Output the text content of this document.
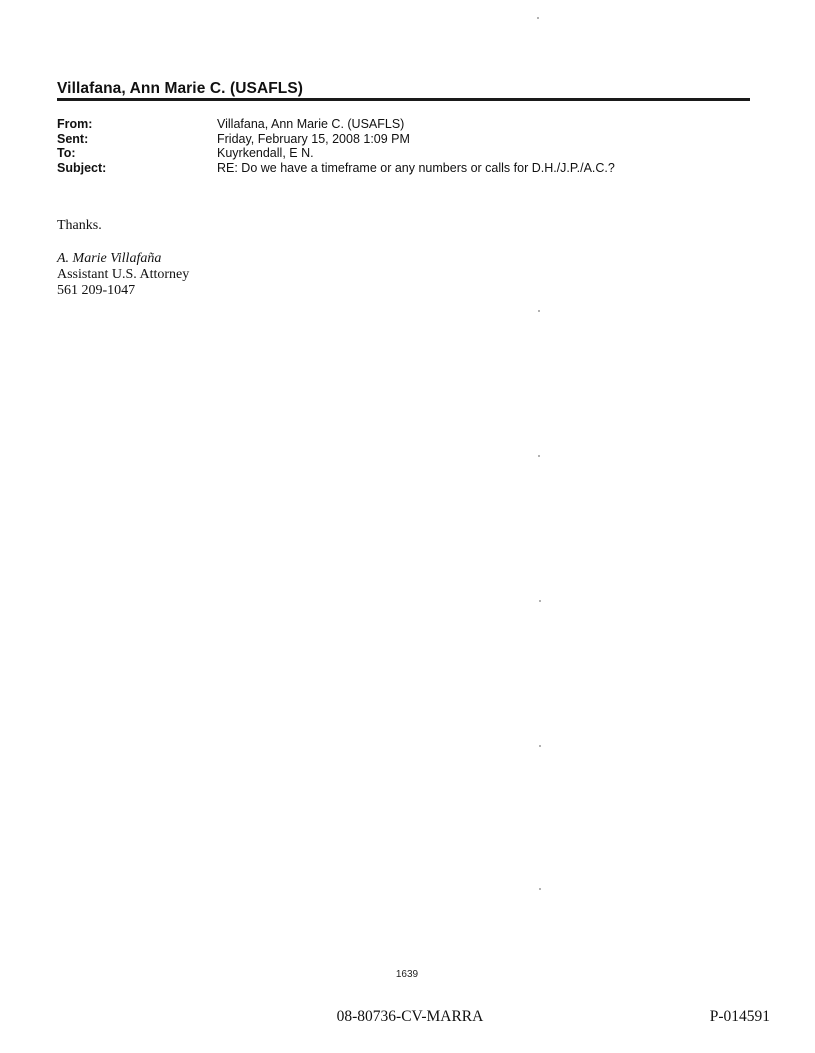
Villafana, Ann Marie C. (USAFLS)
From:	Villafana, Ann Marie C. (USAFLS)
Sent:	Friday, February 15, 2008 1:09 PM
To:	Kuyrkendall, E N.
Subject:	RE: Do we have a timeframe or any numbers or calls for D.H./J.P./A.C.?
Thanks.
A. Marie Villafaña
Assistant U.S. Attorney
561 209-1047
1639
08-80736-CV-MARRA	P-014591
